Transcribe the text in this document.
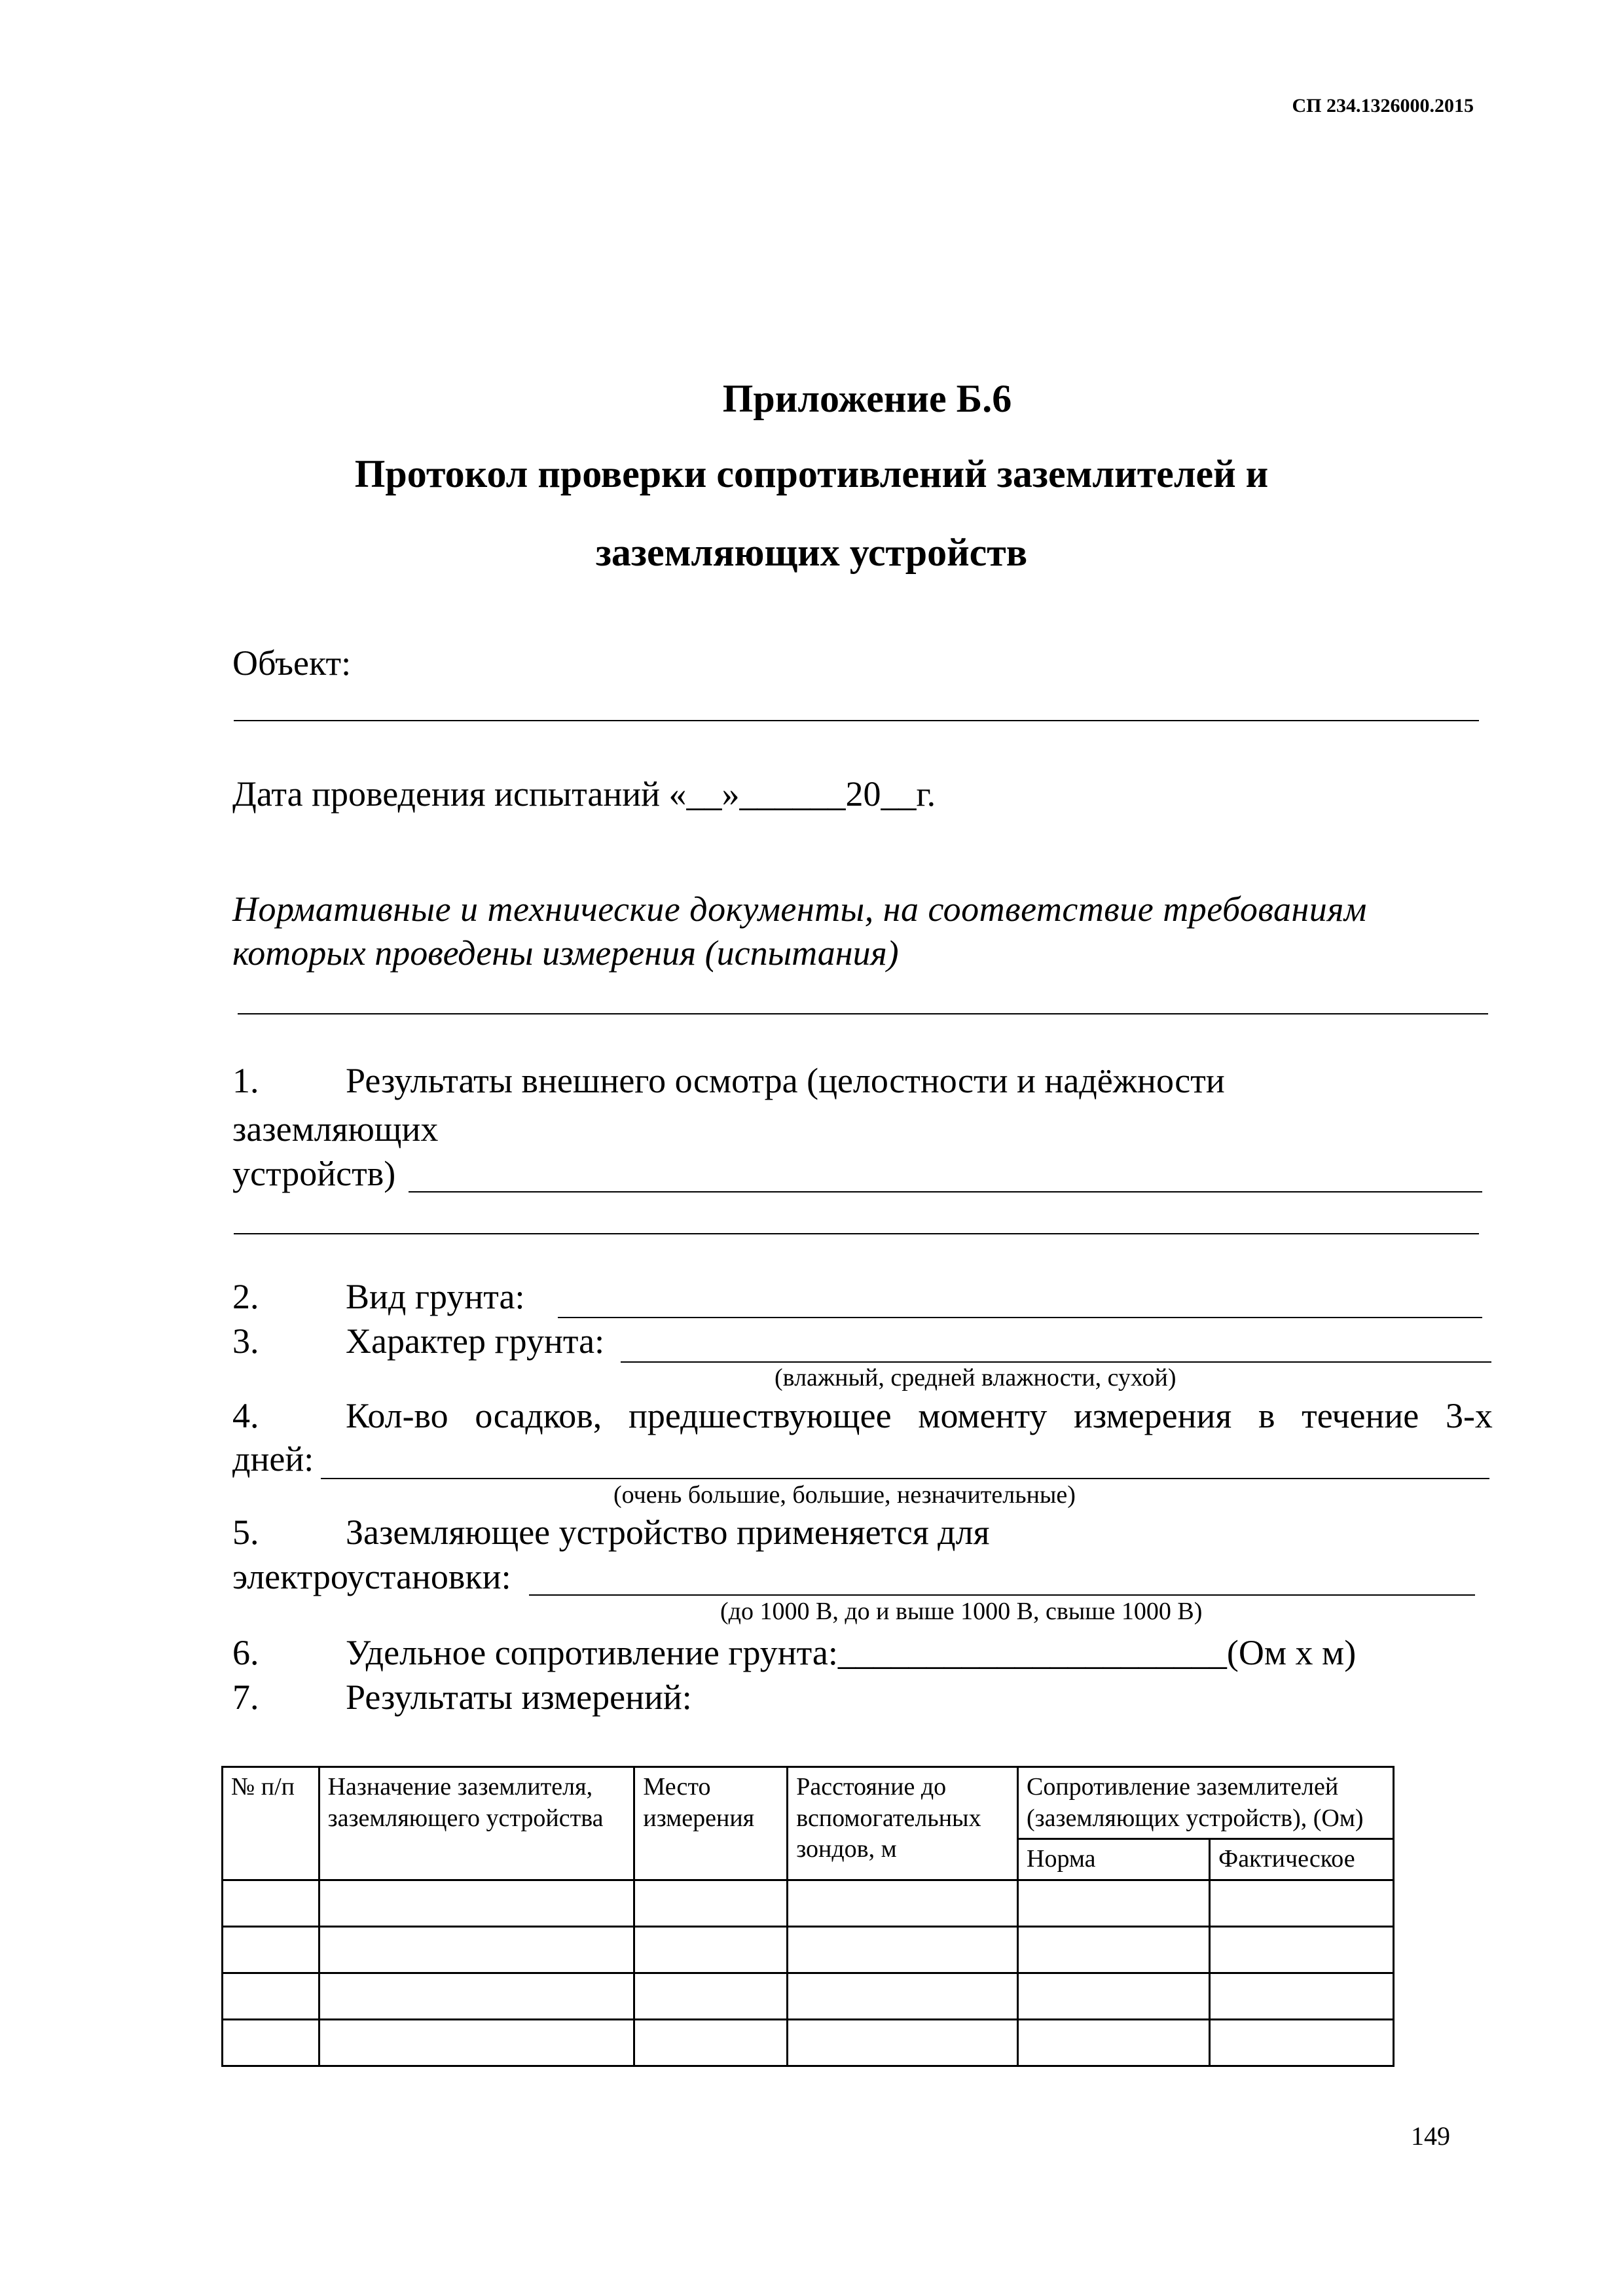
СП 234.1326000.2015
Приложение Б.6
Протокол проверки сопротивлений заземлителей и
заземляющих устройств
Объект:
Дата проведения испытаний «__»______20__г.
Нормативные и технические документы, на соответствие требованиям
которых проведены измерения (испытания)
1. Результаты внешнего осмотра (целостности и надёжности
заземляющих
устройств)
2. Вид грунта:
3. Характер грунта:
(влажный, средней влажности, сухой)
4. Кол-во осадков, предшествующее моменту измерения в течение 3-х
дней:
(очень большие, большие, незначительные)
5. Заземляющее устройство применяется для
электроустановки:
(до 1000 В, до и выше 1000 В, свыше 1000 В)
6. Удельное сопротивление грунта:______________________(Ом х м)
7. Результаты измерений:
№ п/п	Назначение заземлителя, заземляющего устройства	Место измерения	Расстояние до вспомогательных зондов, м	Сопротивление заземлителей (заземляющих устройств), (Ом)	
				Норма	Фактическое

149
